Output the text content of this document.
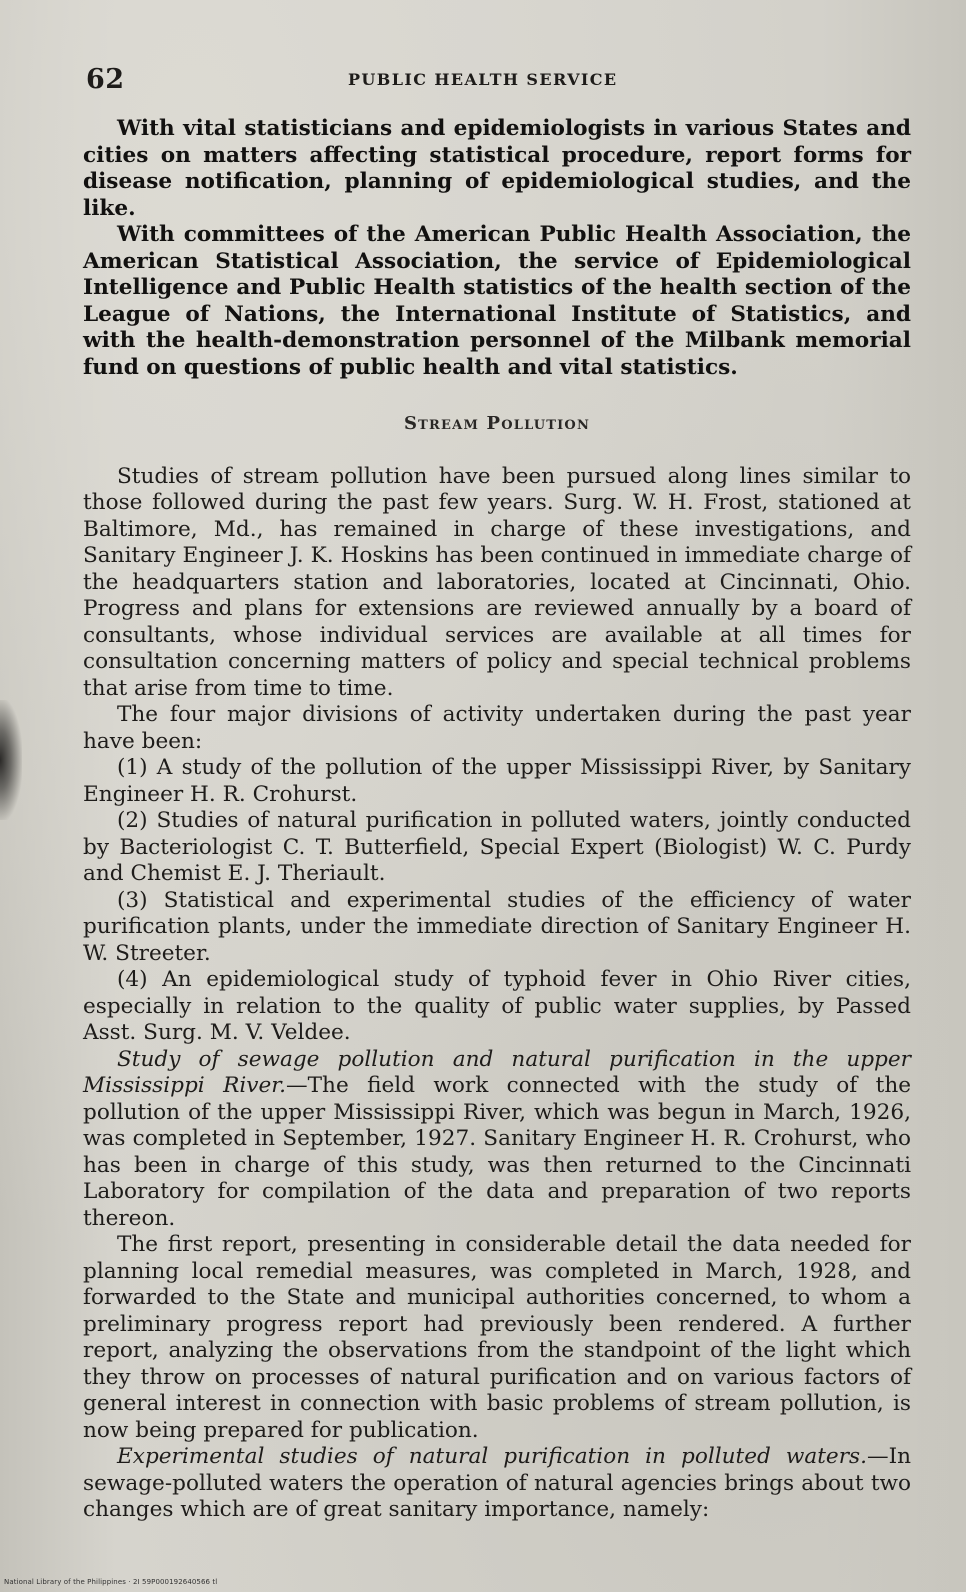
62	PUBLIC HEALTH SERVICE

With vital statisticians and epidemiologists in various States and cities on matters affecting statistical procedure, report forms for disease notification, planning of epidemiological studies, and the like.

With committees of the American Public Health Association, the American Statistical Association, the service of Epidemiological Intelligence and Public Health statistics of the health section of the League of Nations, the International Institute of Statistics, and with the health-demonstration personnel of the Milbank memorial fund on questions of public health and vital statistics.

Stream Pollution

Studies of stream pollution have been pursued along lines similar to those followed during the past few years. Surg. W. H. Frost, stationed at Baltimore, Md., has remained in charge of these investigations, and Sanitary Engineer J. K. Hoskins has been continued in immediate charge of the headquarters station and laboratories, located at Cincinnati, Ohio. Progress and plans for extensions are reviewed annually by a board of consultants, whose individual services are available at all times for consultation concerning matters of policy and special technical problems that arise from time to time.

The four major divisions of activity undertaken during the past year have been:

(1) A study of the pollution of the upper Mississippi River, by Sanitary Engineer H. R. Crohurst.

(2) Studies of natural purification in polluted waters, jointly conducted by Bacteriologist C. T. Butterfield, Special Expert (Biologist) W. C. Purdy and Chemist E. J. Theriault.

(3) Statistical and experimental studies of the efficiency of water purification plants, under the immediate direction of Sanitary Engineer H. W. Streeter.

(4) An epidemiological study of typhoid fever in Ohio River cities, especially in relation to the quality of public water supplies, by Passed Asst. Surg. M. V. Veldee.

Study of sewage pollution and natural purification in the upper Mississippi River.—The field work connected with the study of the pollution of the upper Mississippi River, which was begun in March, 1926, was completed in September, 1927. Sanitary Engineer H. R. Crohurst, who has been in charge of this study, was then returned to the Cincinnati Laboratory for compilation of the data and preparation of two reports thereon.

The first report, presenting in considerable detail the data needed for planning local remedial measures, was completed in March, 1928, and forwarded to the State and municipal authorities concerned, to whom a preliminary progress report had previously been rendered. A further report, analyzing the observations from the standpoint of the light which they throw on processes of natural purification and on various factors of general interest in connection with basic problems of stream pollution, is now being prepared for publication.

Experimental studies of natural purification in polluted waters.—In sewage-polluted waters the operation of natural agencies brings about two changes which are of great sanitary importance, namely:

National Library of the Philippines · 2I 59P000192640566 tl
